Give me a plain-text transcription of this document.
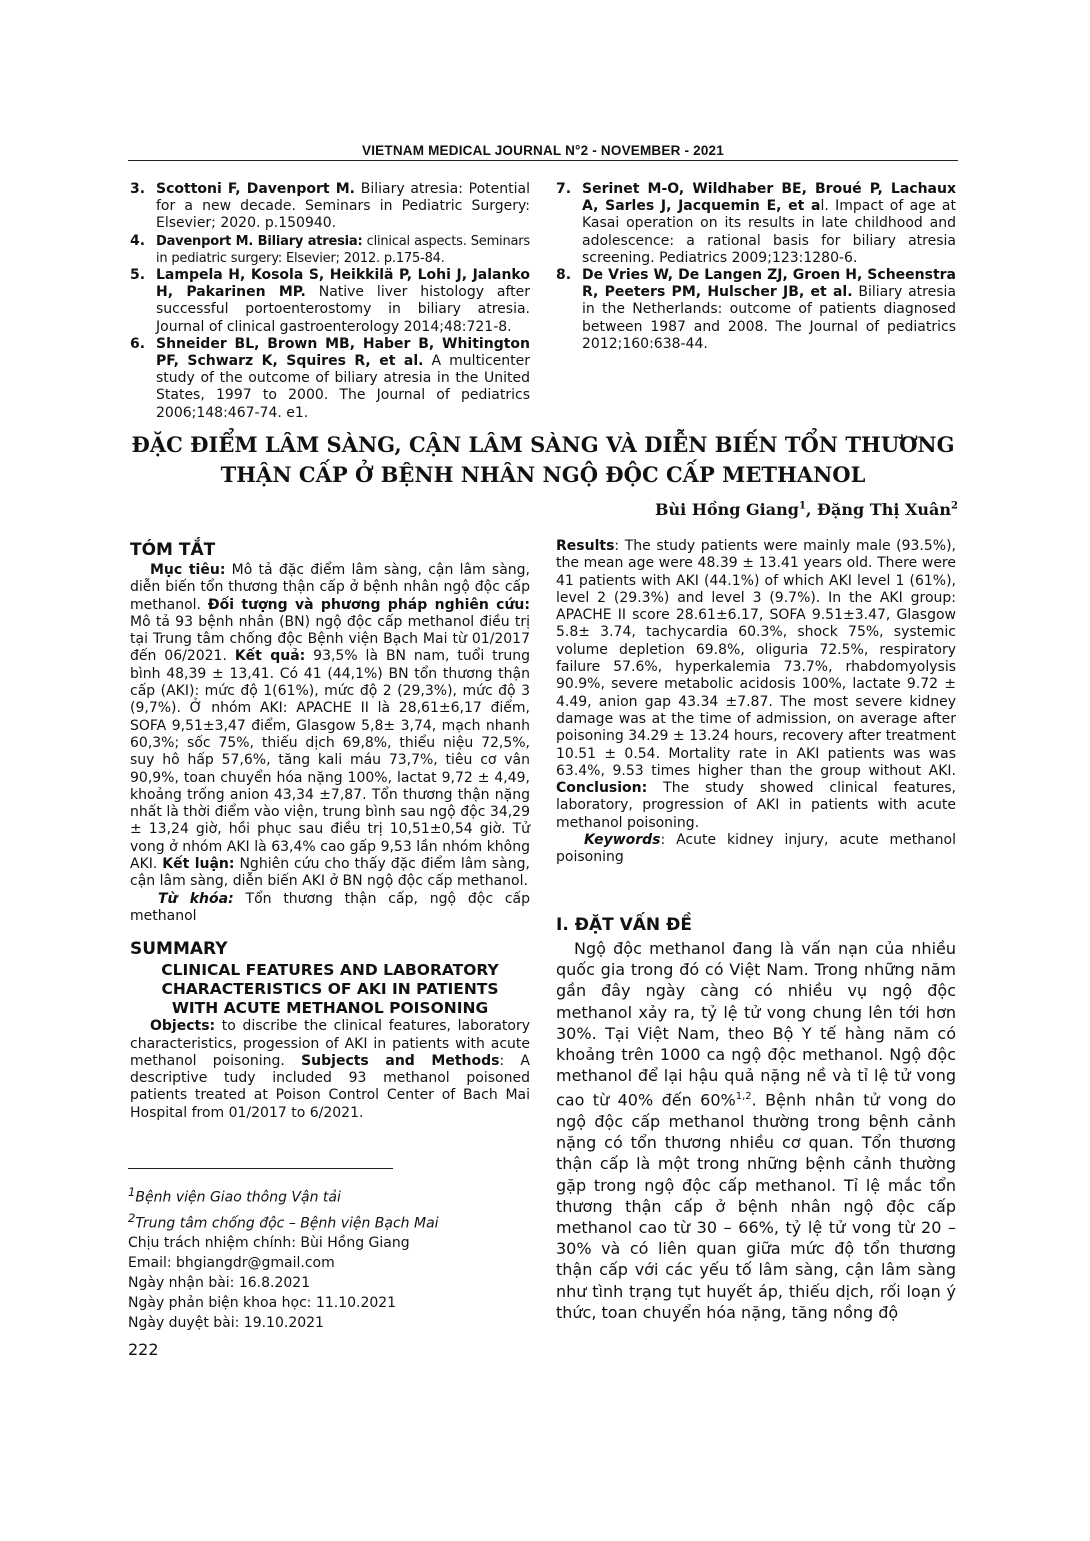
VIETNAM MEDICAL JOURNAL N°2 - NOVEMBER - 2021
3. Scottoni F, Davenport M. Biliary atresia: Potential for a new decade. Seminars in Pediatric Surgery: Elsevier; 2020. p.150940.
4. Davenport M. Biliary atresia: clinical aspects. Seminars in pediatric surgery: Elsevier; 2012. p.175-84.
5. Lampela H, Kosola S, Heikkilä P, Lohi J, Jalanko H, Pakarinen MP. Native liver histology after successful portoenterostomy in biliary atresia. Journal of clinical gastroenterology 2014;48:721-8.
6. Shneider BL, Brown MB, Haber B, Whitington PF, Schwarz K, Squires R, et al. A multicenter study of the outcome of biliary atresia in the United States, 1997 to 2000. The Journal of pediatrics 2006;148:467-74. e1.
7. Serinet M-O, Wildhaber BE, Broué P, Lachaux A, Sarles J, Jacquemin E, et al. Impact of age at Kasai operation on its results in late childhood and adolescence: a rational basis for biliary atresia screening. Pediatrics 2009;123:1280-6.
8. De Vries W, De Langen ZJ, Groen H, Scheenstra R, Peeters PM, Hulscher JB, et al. Biliary atresia in the Netherlands: outcome of patients diagnosed between 1987 and 2008. The Journal of pediatrics 2012;160:638-44.
ĐẶC ĐIỂM LÂM SÀNG, CẬN LÂM SÀNG VÀ DIỄN BIẾN TỔN THƯƠNG
THẬN CẤP Ở BỆNH NHÂN NGỘ ĐỘC CẤP METHANOL
Bùi Hồng Giang$^1$, Đặng Thị Xuân$^2$
TÓM TẮT

Mục tiêu: Mô tả đặc điểm lâm sàng, cận lâm sàng, diễn biến tổn thương thận cấp ở bệnh nhân ngộ độc cấp methanol. Đối tượng và phương pháp nghiên cứu: Mô tả 93 bệnh nhân (BN) ngộ độc cấp methanol điều trị tại Trung tâm chống độc Bệnh viện Bạch Mai từ 01/2017 đến 06/2021. Kết quả: 93,5% là BN nam, tuổi trung bình 48,39 ± 13,41. Có 41 (44,1%) BN tổn thương thận cấp (AKI): mức độ 1(61%), mức độ 2 (29,3%), mức độ 3 (9,7%). Ở nhóm AKI: APACHE II là 28,61±6,17 điểm, SOFA 9,51±3,47 điểm, Glasgow 5,8± 3,74, mạch nhanh 60,3%; sốc 75%, thiếu dịch 69,8%, thiểu niệu 72,5%, suy hô hấp 57,6%, tăng kali máu 73,7%, tiêu cơ vân 90,9%, toan chuyển hóa nặng 100%, lactat 9,72 ± 4,49, khoảng trống anion 43,34 ±7,87. Tổn thương thận nặng nhất là thời điểm vào viện, trung bình sau ngộ độc 34,29 ± 13,24 giờ, hồi phục sau điều trị 10,51±0,54 giờ. Tử vong ở nhóm AKI là 63,4% cao gấp 9,53 lần nhóm không AKI. Kết luận: Nghiên cứu cho thấy đặc điểm lâm sàng, cận lâm sàng, diễn biến AKI ở BN ngộ độc cấp methanol.

Từ khóa: Tổn thương thận cấp, ngộ độc cấp methanol

SUMMARY
CLINICAL FEATURES AND LABORATORY
CHARACTERISTICS OF AKI IN PATIENTS
WITH ACUTE METHANOL POISONING

Objects: to discribe the clinical features, laboratory characteristics, progession of AKI in patients with acute methanol poisoning. Subjects and Methods: A descriptive tudy included 93 methanol poisoned patients treated at Poison Control Center of Bach Mai Hospital from 01/2017 to 6/2021.

$^1$Bệnh viện Giao thông Vận tải
$^2$Trung tâm chống độc – Bệnh viện Bạch Mai
Chịu trách nhiệm chính: Bùi Hồng Giang
Email: bhgiangdr@gmail.com
Ngày nhận bài: 16.8.2021
Ngày phản biện khoa học: 11.10.2021
Ngày duyệt bài: 19.10.2021
222

Results: The study patients were mainly male (93.5%), the mean age were 48.39 ± 13.41 years old. There were 41 patients with AKI (44.1%) of which AKI level 1 (61%), level 2 (29.3%) and level 3 (9.7%). In the AKI group: APACHE II score 28.61±6.17, SOFA 9.51±3.47, Glasgow 5.8± 3.74, tachycardia 60.3%, shock 75%, systemic volume depletion 69.8%, oliguria 72.5%, respiratory failure 57.6%, hyperkalemia 73.7%, rhabdomyolysis 90.9%, severe metabolic acidosis 100%, lactate 9.72 ± 4.49, anion gap 43.34 ±7.87. The most severe kidney damage was at the time of admission, on average after poisoning 34.29 ± 13.24 hours, recovery after treatment 10.51 ± 0.54. Mortality rate in AKI patients was was 63.4%, 9.53 times higher than the group without AKI. Conclusion: The study showed clinical features, laboratory, progression of AKI in patients with acute methanol poisoning.

Keywords: Acute kidney injury, acute methanol poisoning

I. ĐẶT VẤN ĐỀ

Ngộ độc methanol đang là vấn nạn của nhiều quốc gia trong đó có Việt Nam. Trong những năm gần đây ngày càng có nhiều vụ ngộ độc methanol xảy ra, tỷ lệ tử vong chung lên tới hơn 30%. Tại Việt Nam, theo Bộ Y tế hàng năm có khoảng trên 1000 ca ngộ độc methanol. Ngộ độc methanol để lại hậu quả nặng nề và tỉ lệ tử vong cao từ 40% đến 60%$^{1,2}$. Bệnh nhân tử vong do ngộ độc cấp methanol thường trong bệnh cảnh nặng có tổn thương nhiều cơ quan. Tổn thương thận cấp là một trong những bệnh cảnh thường gặp trong ngộ độc cấp methanol. Tỉ lệ mắc tổn thương thận cấp ở bệnh nhân ngộ độc cấp methanol cao từ 30 – 66%, tỷ lệ tử vong từ 20 – 30% và có liên quan giữa mức độ tổn thương thận cấp với các yếu tố lâm sàng, cận lâm sàng như tình trạng tụt huyết áp, thiếu dịch, rối loạn ý thức, toan chuyển hóa nặng, tăng nồng độ
